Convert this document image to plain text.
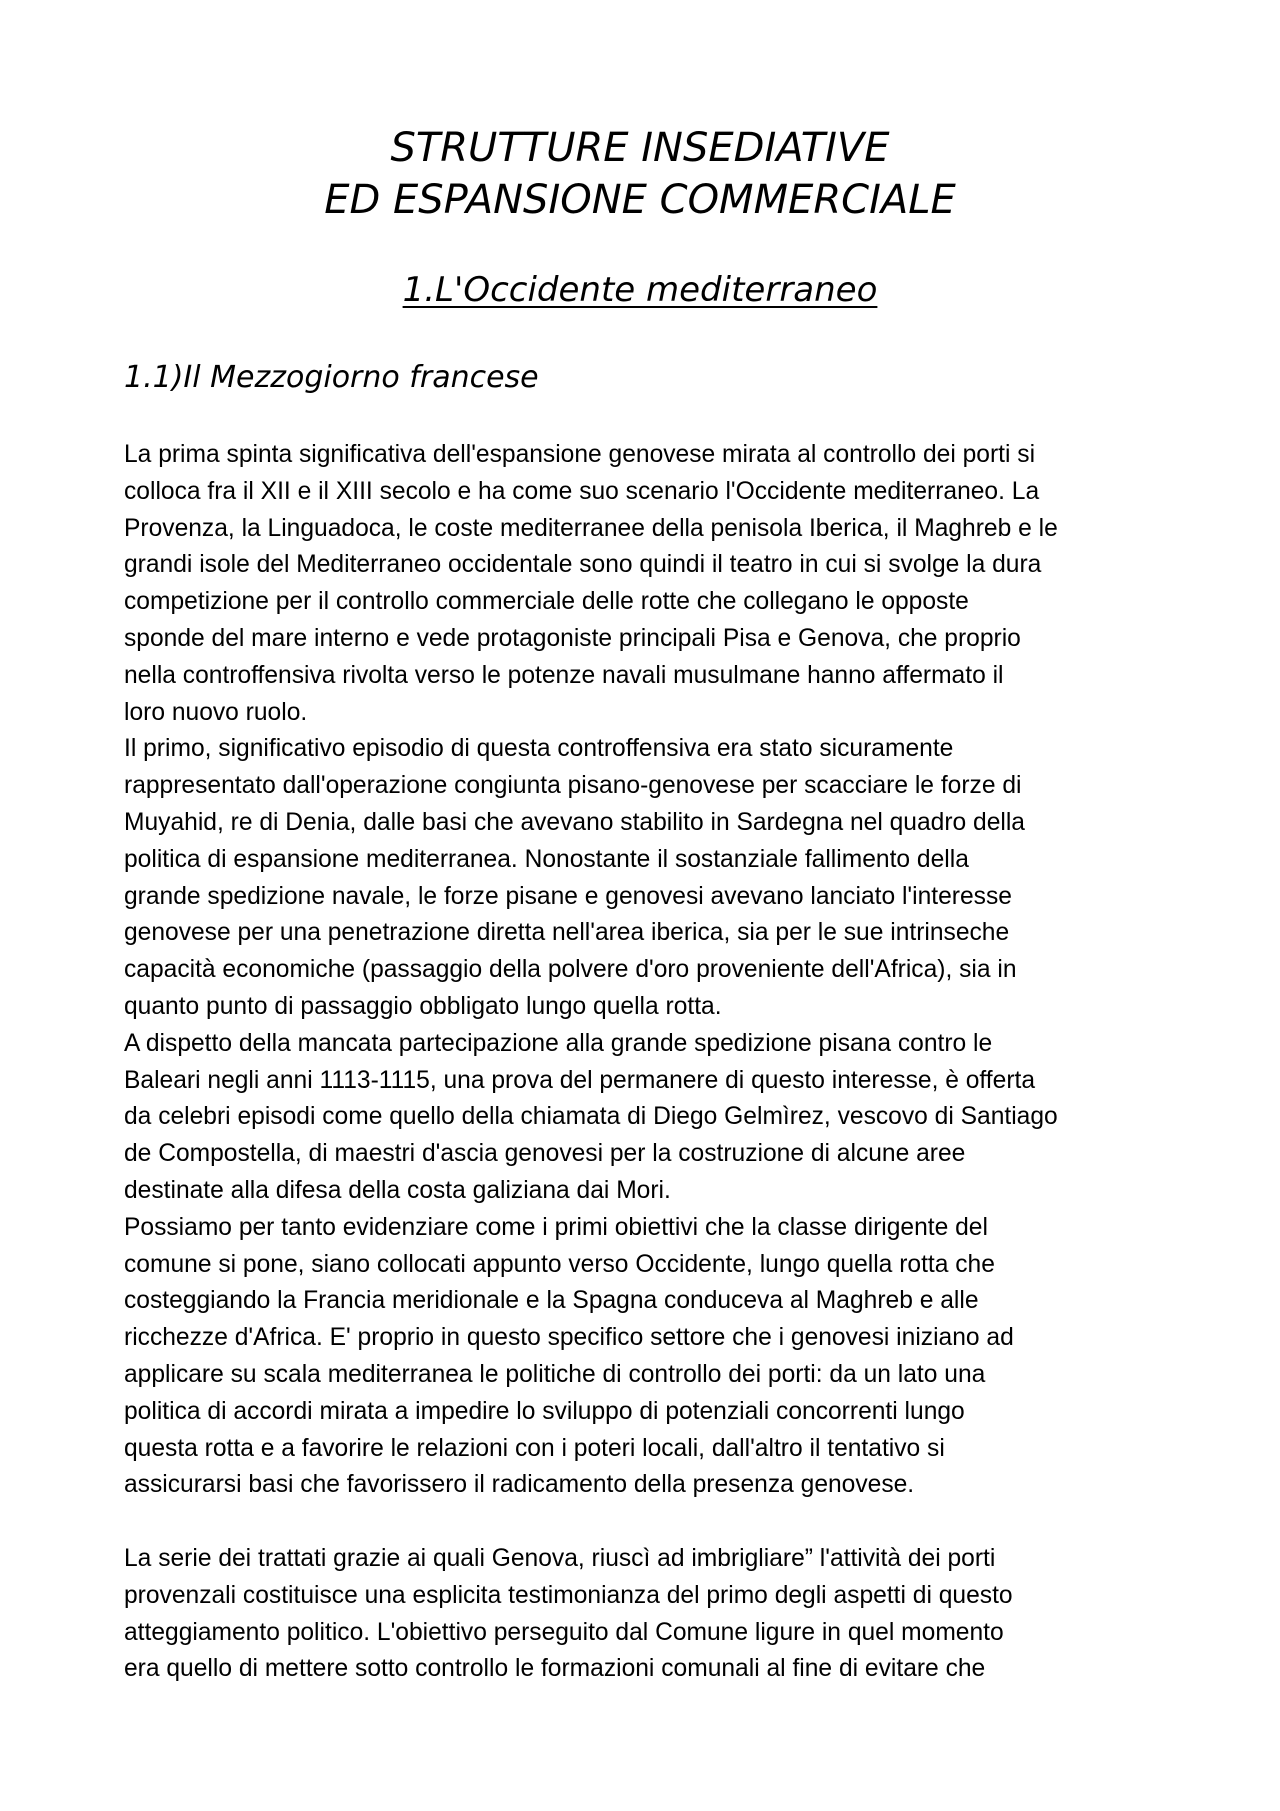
STRUTTURE INSEDIATIVE
ED ESPANSIONE COMMERCIALE
1.L'Occidente mediterraneo
1.1)Il Mezzogiorno francese
La prima spinta significativa dell'espansione genovese mirata al controllo dei porti si
colloca fra il XII e il XIII secolo e ha come suo scenario l'Occidente mediterraneo. La
Provenza, la Linguadoca, le coste mediterranee della penisola Iberica, il Maghreb e le
grandi isole del Mediterraneo occidentale sono quindi il teatro in cui si svolge la dura
competizione per il controllo commerciale delle rotte che collegano le opposte
sponde del mare interno e vede protagoniste principali Pisa e Genova, che proprio
nella controffensiva rivolta verso le potenze navali musulmane hanno affermato il
loro nuovo ruolo.
Il primo, significativo episodio di questa controffensiva era stato sicuramente
rappresentato dall'operazione congiunta pisano-genovese per scacciare le forze di
Muyahid, re di Denia, dalle basi che avevano stabilito in Sardegna nel quadro della
politica di espansione mediterranea. Nonostante il sostanziale fallimento della
grande spedizione navale, le forze pisane e genovesi avevano lanciato l'interesse
genovese per una penetrazione diretta nell'area iberica, sia per le sue intrinseche
capacità economiche (passaggio della polvere d'oro proveniente dell'Africa), sia in
quanto punto di passaggio obbligato lungo quella rotta.
A dispetto della mancata partecipazione alla grande spedizione pisana contro le
Baleari negli anni 1113-1115, una prova del permanere di questo interesse, è offerta
da celebri episodi come quello della chiamata di Diego Gelmìrez, vescovo di Santiago
de Compostella, di maestri d'ascia genovesi per la costruzione di alcune aree
destinate alla difesa della costa galiziana dai Mori.
Possiamo per tanto evidenziare come i primi obiettivi che la classe dirigente del
comune si pone, siano collocati appunto verso Occidente, lungo quella rotta che
costeggiando la Francia meridionale e la Spagna conduceva al Maghreb e alle
ricchezze d'Africa. E' proprio in questo specifico settore che i genovesi iniziano ad
applicare su scala mediterranea le politiche di controllo dei porti: da un lato una
politica di accordi mirata a impedire lo sviluppo di potenziali concorrenti lungo
questa rotta e a favorire le relazioni con i poteri locali, dall'altro il tentativo si
assicurarsi basi che favorissero il radicamento della presenza genovese.
La serie dei trattati grazie ai quali Genova, riuscì ad imbrigliare” l'attività dei porti
provenzali costituisce una esplicita testimonianza del primo degli aspetti di questo
atteggiamento politico. L'obiettivo perseguito dal Comune ligure in quel momento
era quello di mettere sotto controllo le formazioni comunali al fine di evitare che
